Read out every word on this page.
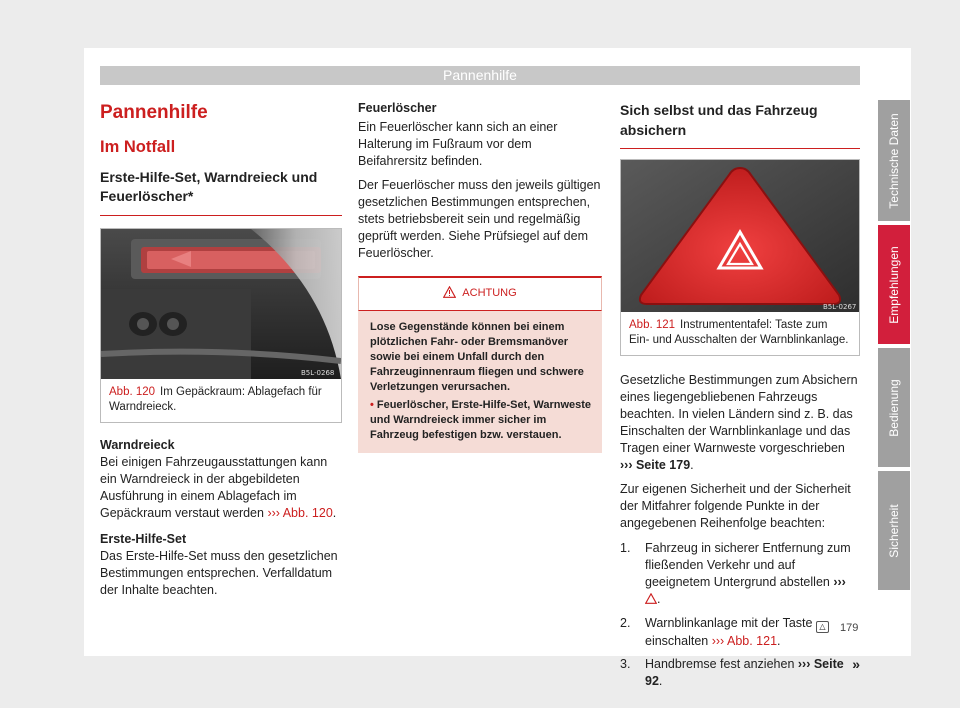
Pannenhilfe
Pannenhilfe
Im Notfall
Erste-Hilfe-Set, Warndreieck und Feuerlöscher*
B5L-0268
Abb. 120 Im Gepäckraum: Ablagefach für Warndreieck.

Warndreieck

Bei einigen Fahrzeugausstattungen kann ein Warndreieck in der abgebildeten Ausführung in einem Ablagefach im Gepäckraum verstaut werden ››› Abb. 120.

Erste-Hilfe-Set

Das Erste-Hilfe-Set muss den gesetzlichen Bestimmungen entsprechen. Verfalldatum der Inhalte beachten.

Feuerlöscher

Ein Feuerlöscher kann sich an einer Halterung im Fußraum vor dem Beifahrersitz befinden.

Der Feuerlöscher muss den jeweils gültigen gesetzlichen Bestimmungen entsprechen, stets betriebsbereit sein und regelmäßig geprüft werden. Siehe Prüfsiegel auf dem Feuerlöscher.

ACHTUNG

Lose Gegenstände können bei einem plötzlichen Fahr- oder Bremsmanöver sowie bei einem Unfall durch den Fahrzeuginnenraum fliegen und schwere Verletzungen verursachen.

• Feuerlöscher, Erste-Hilfe-Set, Warnweste und Warndreieck immer sicher im Fahrzeug befestigen bzw. verstauen.

Sich selbst und das Fahrzeug absichern

B5L-0267
Abb. 121 Instrumententafel: Taste zum Ein- und Ausschalten der Warnblinkanlage.

Gesetzliche Bestimmungen zum Absichern eines liegengebliebenen Fahrzeugs beachten. In vielen Ländern sind z. B. das Einschalten der Warnblinkanlage und das Tragen einer Warnweste vorgeschrieben ››› Seite 179.

Zur eigenen Sicherheit und der Sicherheit der Mitfahrer folgende Punkte in der angegebenen Reihenfolge beachten:

1. Fahrzeug in sicherer Entfernung zum fließenden Verkehr und auf geeignetem Untergrund abstellen ››› .
2. Warnblinkanlage mit der Taste △ einschalten ››› Abb. 121.
3. Handbremse fest anziehen ››› Seite 92.
»
Technische Daten
Empfehlungen
Bedienung
Sicherheit
179
